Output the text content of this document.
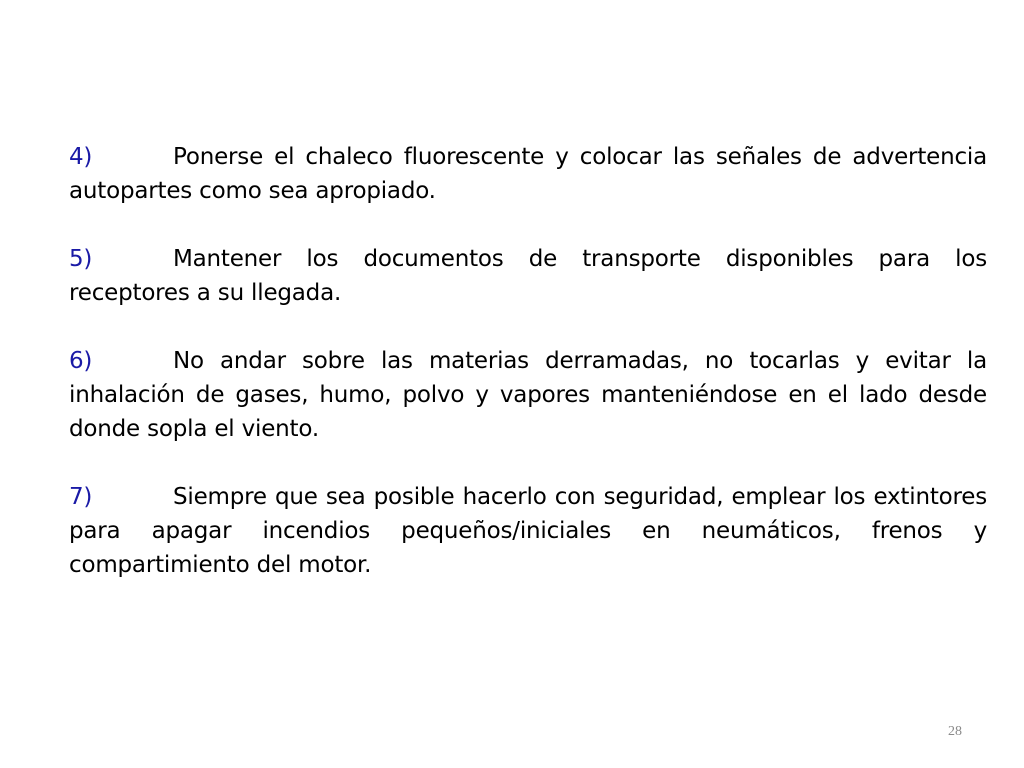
4)	Ponerse el chaleco fluorescente y colocar las señales de advertencia autopartes como sea apropiado.

5)	Mantener los documentos de transporte disponibles para los receptores a su llegada.

6)	No andar sobre las materias derramadas, no tocarlas y evitar la inhalación de gases, humo, polvo y vapores manteniéndose en el lado desde donde sopla el viento.

7)	Siempre que sea posible hacerlo con seguridad, emplear los extintores para apagar incendios pequeños/iniciales en neumáticos, frenos y compartimiento del motor.

28
